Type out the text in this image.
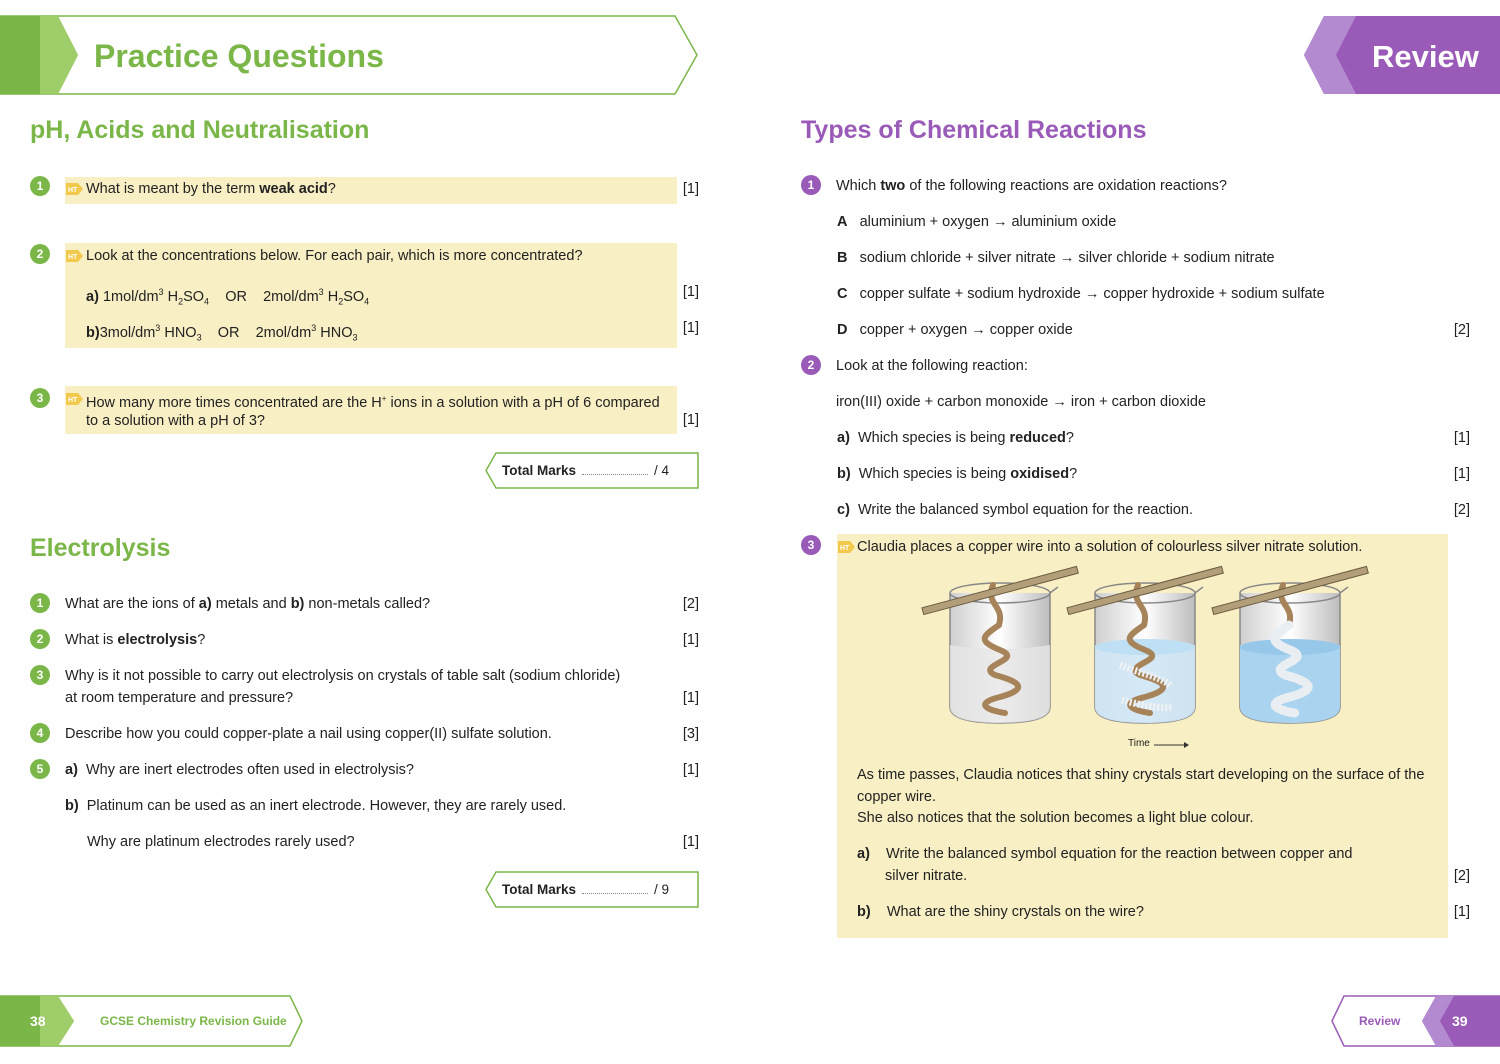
Practice Questions	Review
pH, Acids and Neutralisation
1	HT What is meant by the term weak acid?	[1]
2	HT Look at the concentrations below. For each pair, which is more concentrated?
a) $1mol/dm^3$ $H_2SO_4$ OR $2mol/dm^3$ $H_2SO_4$
[1]
$b)3mol/dm^3$ $HNO_3$ OR $2mol/dm^3$ $HNO_3$
[1]
3	HT How many more times concentrated are the H+ ions in a solution with a pH of 6 compared
to a solution with a pH of 3?	[1]
Total Marks	/ 4
Electrolysis
1	What are the ions of a) metals and b) non-metals called?	[2]
2	What is electrolysis?	[1]
3	Why is it not possible to carry out electrolysis on crystals of table salt (sodium chloride)
at room temperature and pressure?	[1]
4	Describe how you could copper-plate a nail using copper(II) sulfate solution.	[3]
5	a) Why are inert electrodes often used in electrolysis?	[1]
b) Platinum can be used as an inert electrode. However, they are rarely used.
Why are platinum electrodes rarely used?	[1]
Total Marks	/ 9
Types of Chemical Reactions
1	Which two of the following reactions are oxidation reactions?
A aluminium + oxygen → aluminium oxide
B sodium chloride + silver nitrate → silver chloride + sodium nitrate
C copper sulfate + sodium hydroxide → copper hydroxide + sodium sulfate
D copper + oxygen → copper oxide	[2]
2	Look at the following reaction:
iron(III) oxide + carbon monoxide → iron + carbon dioxide
a) Which species is being reduced?	[1]
b) Which species is being oxidised?	[1]
c) Write the balanced symbol equation for the reaction.	[2]
3	HT Claudia places a copper wire into a solution of colourless silver nitrate solution.
Time
As time passes, Claudia notices that shiny crystals start developing on the surface of the
copper wire.
She also notices that the solution becomes a light blue colour.
a) Write the balanced symbol equation for the reaction between copper and
silver nitrate.	[2]
b) What are the shiny crystals on the wire?	[1]
38	GCSE Chemistry Revision Guide	Review	39
